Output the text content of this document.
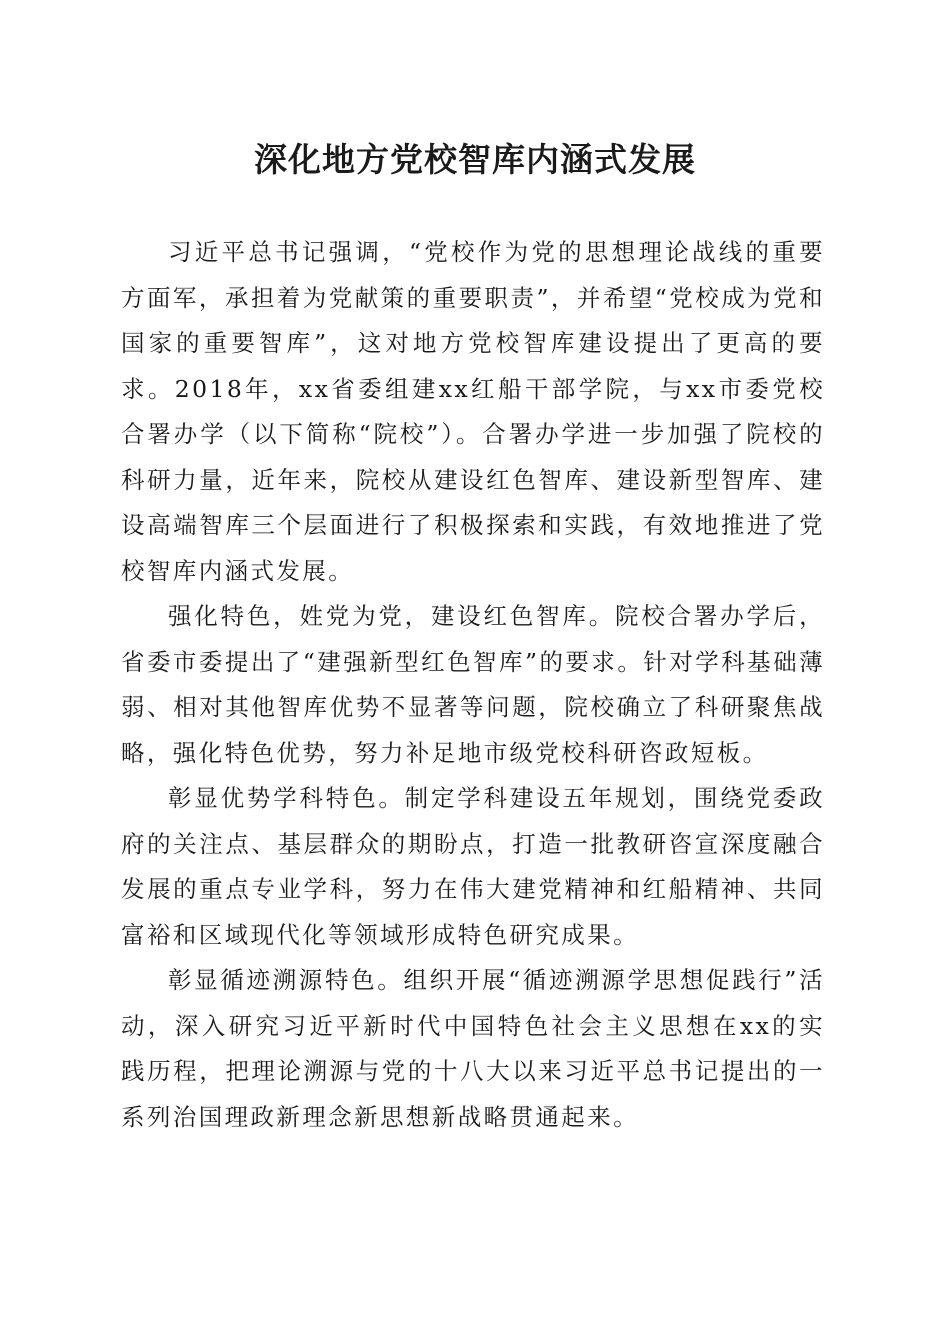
深化地方党校智库内涵式发展

习近平总书记强调，“党校作为党的思想理论战线的重要方面军，承担着为党献策的重要职责”，并希望“党校成为党和国家的重要智库”，这对地方党校智库建设提出了更高的要求。2018年，xx省委组建xx红船干部学院，与xx市委党校合署办学（以下简称“院校”）。合署办学进一步加强了院校的科研力量，近年来，院校从建设红色智库、建设新型智库、建设高端智库三个层面进行了积极探索和实践，有效地推进了党校智库内涵式发展。

强化特色，姓党为党，建设红色智库。院校合署办学后，省委市委提出了“建强新型红色智库”的要求。针对学科基础薄弱、相对其他智库优势不显著等问题，院校确立了科研聚焦战略，强化特色优势，努力补足地市级党校科研咨政短板。

彰显优势学科特色。制定学科建设五年规划，围绕党委政府的关注点、基层群众的期盼点，打造一批教研咨宣深度融合发展的重点专业学科，努力在伟大建党精神和红船精神、共同富裕和区域现代化等领域形成特色研究成果。

彰显循迹溯源特色。组织开展“循迹溯源学思想促践行”活动，深入研究习近平新时代中国特色社会主义思想在xx的实践历程，把理论溯源与党的十八大以来习近平总书记提出的一系列治国理政新理念新思想新战略贯通起来。
